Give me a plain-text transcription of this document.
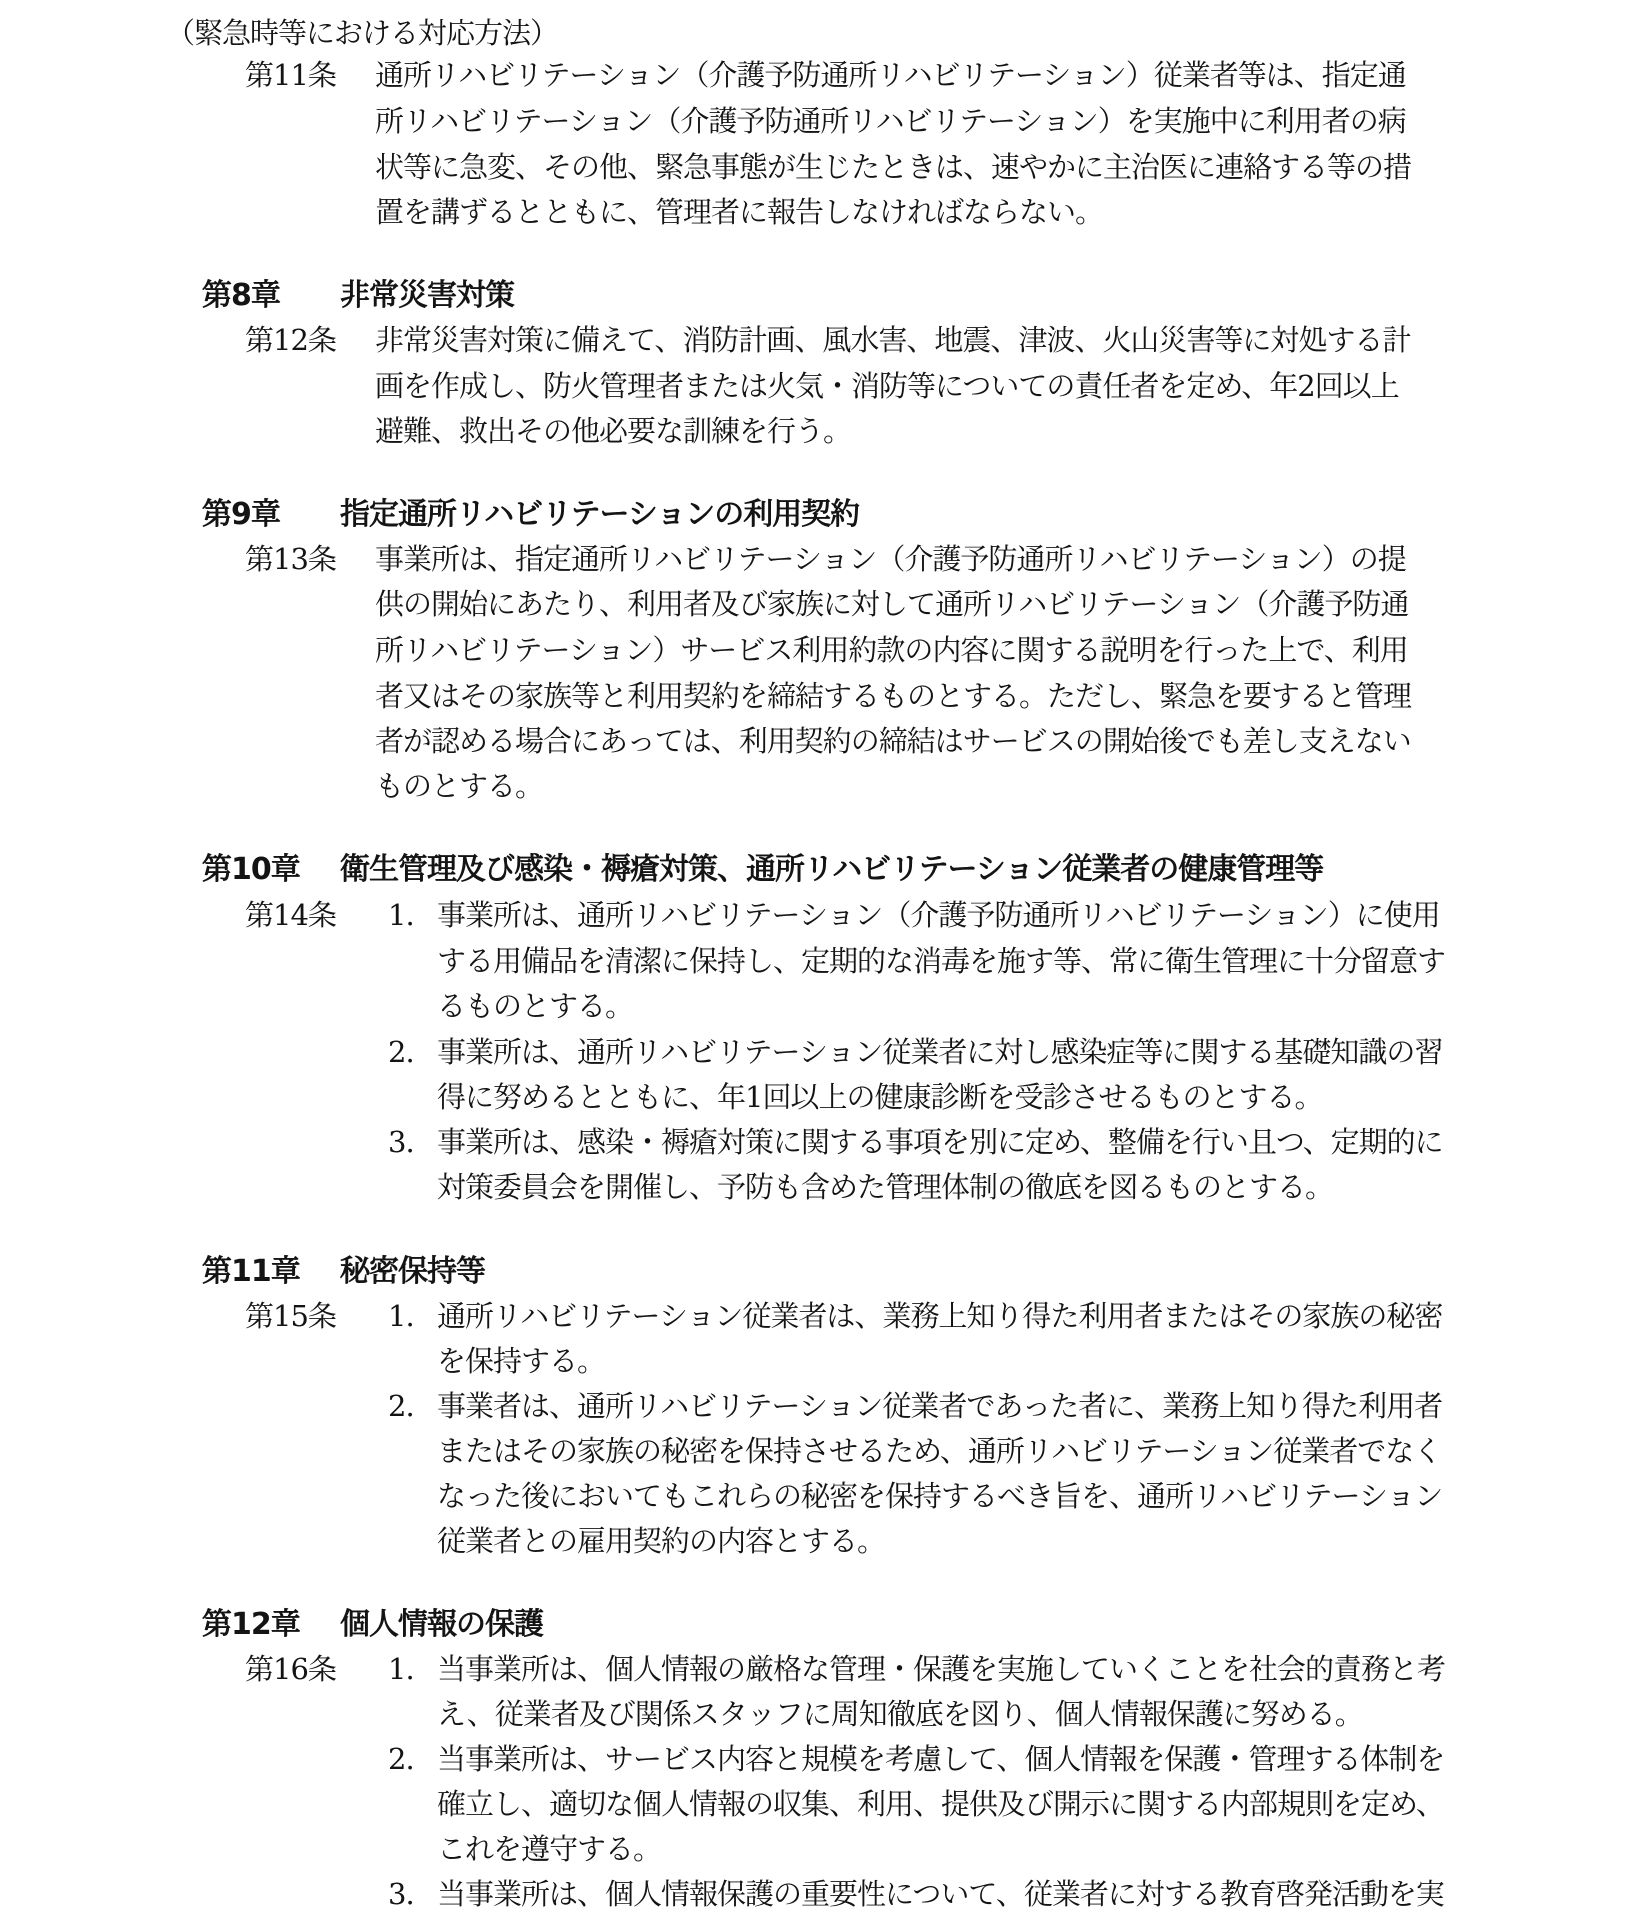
（緊急時等における対応方法）
第11条 通所リハビリテーション（介護予防通所リハビリテーション）従業者等は、指定通
所リハビリテーション（介護予防通所リハビリテーション）を実施中に利用者の病
状等に急変、その他、緊急事態が生じたときは、速やかに主治医に連絡する等の措
置を講ずるとともに、管理者に報告しなければならない。
第8章 非常災害対策
第12条 非常災害対策に備えて、消防計画、風水害、地震、津波、火山災害等に対処する計
画を作成し、防火管理者または火気・消防等についての責任者を定め、年2回以上
避難、救出その他必要な訓練を行う。
第9章 指定通所リハビリテーションの利用契約
第13条 事業所は、指定通所リハビリテーション（介護予防通所リハビリテーション）の提
供の開始にあたり、利用者及び家族に対して通所リハビリテーション（介護予防通
所リハビリテーション）サービス利用約款の内容に関する説明を行った上で、利用
者又はその家族等と利用契約を締結するものとする。ただし、緊急を要すると管理
者が認める場合にあっては、利用契約の締結はサービスの開始後でも差し支えない
ものとする。
第10章 衛生管理及び感染・褥瘡対策、通所リハビリテーション従業者の健康管理等
第14条 1. 事業所は、通所リハビリテーション（介護予防通所リハビリテーション）に使用
する用備品を清潔に保持し、定期的な消毒を施す等、常に衛生管理に十分留意す
るものとする。
2. 事業所は、通所リハビリテーション従業者に対し感染症等に関する基礎知識の習
得に努めるとともに、年1回以上の健康診断を受診させるものとする。
3. 事業所は、感染・褥瘡対策に関する事項を別に定め、整備を行い且つ、定期的に
対策委員会を開催し、予防も含めた管理体制の徹底を図るものとする。
第11章 秘密保持等
第15条 1. 通所リハビリテーション従業者は、業務上知り得た利用者またはその家族の秘密
を保持する。
2. 事業者は、通所リハビリテーション従業者であった者に、業務上知り得た利用者
またはその家族の秘密を保持させるため、通所リハビリテーション従業者でなく
なった後においてもこれらの秘密を保持するべき旨を、通所リハビリテーション
従業者との雇用契約の内容とする。
第12章 個人情報の保護
第16条 1. 当事業所は、個人情報の厳格な管理・保護を実施していくことを社会的責務と考
え、従業者及び関係スタッフに周知徹底を図り、個人情報保護に努める。
2. 当事業所は、サービス内容と規模を考慮して、個人情報を保護・管理する体制を
確立し、適切な個人情報の収集、利用、提供及び開示に関する内部規則を定め、
これを遵守する。
3. 当事業所は、個人情報保護の重要性について、従業者に対する教育啓発活動を実
